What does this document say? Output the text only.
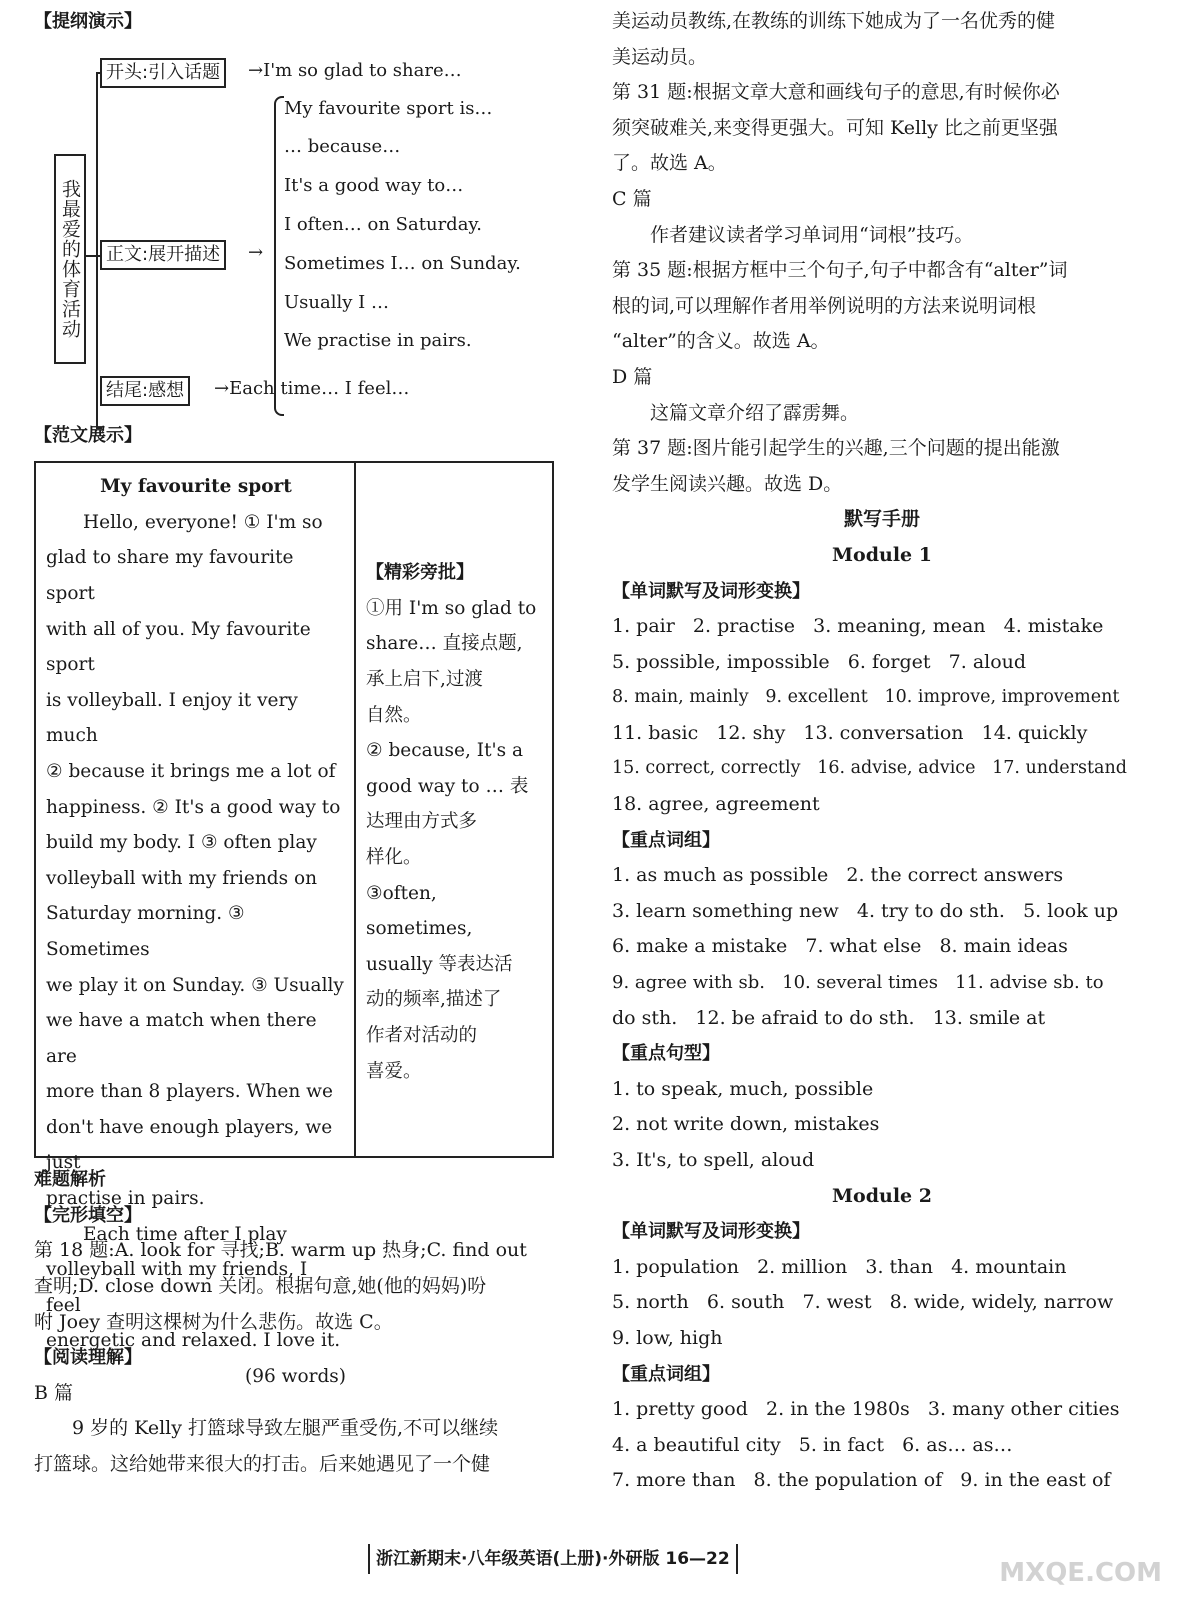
【提纲演示】
我最爱的体育活动
开头:引入话题	→I'm so glad to share…
正文:展开描述	→
My favourite sport is…
… because…
It's a good way to…
I often… on Saturday.
Sometimes I… on Sunday.
Usually I …
We practise in pairs.
结尾:感想	→Each time… I feel…
【范文展示】
My favourite sport
Hello, everyone! ① I'm so
glad to share my favourite sport
with all of you. My favourite sport
is volleyball. I enjoy it very much
② because it brings me a lot of
happiness. ② It's a good way to
build my body. I ③ often play
volleyball with my friends on
Saturday morning. ③ Sometimes
we play it on Sunday. ③ Usually
we have a match when there are
more than 8 players. When we
don't have enough players, we just
practise in pairs.
Each time after I play
volleyball with my friends, I feel
energetic and relaxed. I love it.
(96 words)
【精彩旁批】
①用 I'm so glad to
share… 直接点题,
承上启下,过渡
自然。
② because, It's a
good way to … 表
达理由方式多
样化。
③often, sometimes,
usually 等表达活
动的频率,描述了
作者对活动的
喜爱。
难题解析
【完形填空】
第 18 题:A. look for 寻找;B. warm up 热身;C. find out
查明;D. close down 关闭。根据句意,她(他的妈妈)吩
咐 Joey 查明这棵树为什么悲伤。故选 C。
【阅读理解】
B 篇
9 岁的 Kelly 打篮球导致左腿严重受伤,不可以继续
打篮球。这给她带来很大的打击。后来她遇见了一个健
美运动员教练,在教练的训练下她成为了一名优秀的健
美运动员。
第 31 题:根据文章大意和画线句子的意思,有时候你必
须突破难关,来变得更强大。可知 Kelly 比之前更坚强
了。故选 A。
C 篇
作者建议读者学习单词用“词根”技巧。
第 35 题:根据方框中三个句子,句子中都含有“alter”词
根的词,可以理解作者用举例说明的方法来说明词根
“alter”的含义。故选 A。
D 篇
这篇文章介绍了霹雳舞。
第 37 题:图片能引起学生的兴趣,三个问题的提出能激
发学生阅读兴趣。故选 D。
默写手册
Module 1
【单词默写及词形变换】
1. pair   2. practise   3. meaning, mean   4. mistake
5. possible, impossible   6. forget   7. aloud
8. main, mainly   9. excellent   10. improve, improvement
11. basic   12. shy   13. conversation   14. quickly
15. correct, correctly   16. advise, advice   17. understand
18. agree, agreement
【重点词组】
1. as much as possible   2. the correct answers
3. learn something new   4. try to do sth.   5. look up
6. make a mistake   7. what else   8. main ideas
9. agree with sb.   10. several times   11. advise sb. to
do sth.   12. be afraid to do sth.   13. smile at
【重点句型】
1. to speak, much, possible
2. not write down, mistakes
3. It's, to spell, aloud
Module 2
【单词默写及词形变换】
1. population   2. million   3. than   4. mountain
5. north   6. south   7. west   8. wide, widely, narrow
9. low, high
【重点词组】
1. pretty good   2. in the 1980s   3. many other cities
4. a beautiful city   5. in fact   6. as… as…
7. more than   8. the population of   9. in the east of
浙江新期末·八年级英语(上册)·外研版 16—22	MXQE.COM
